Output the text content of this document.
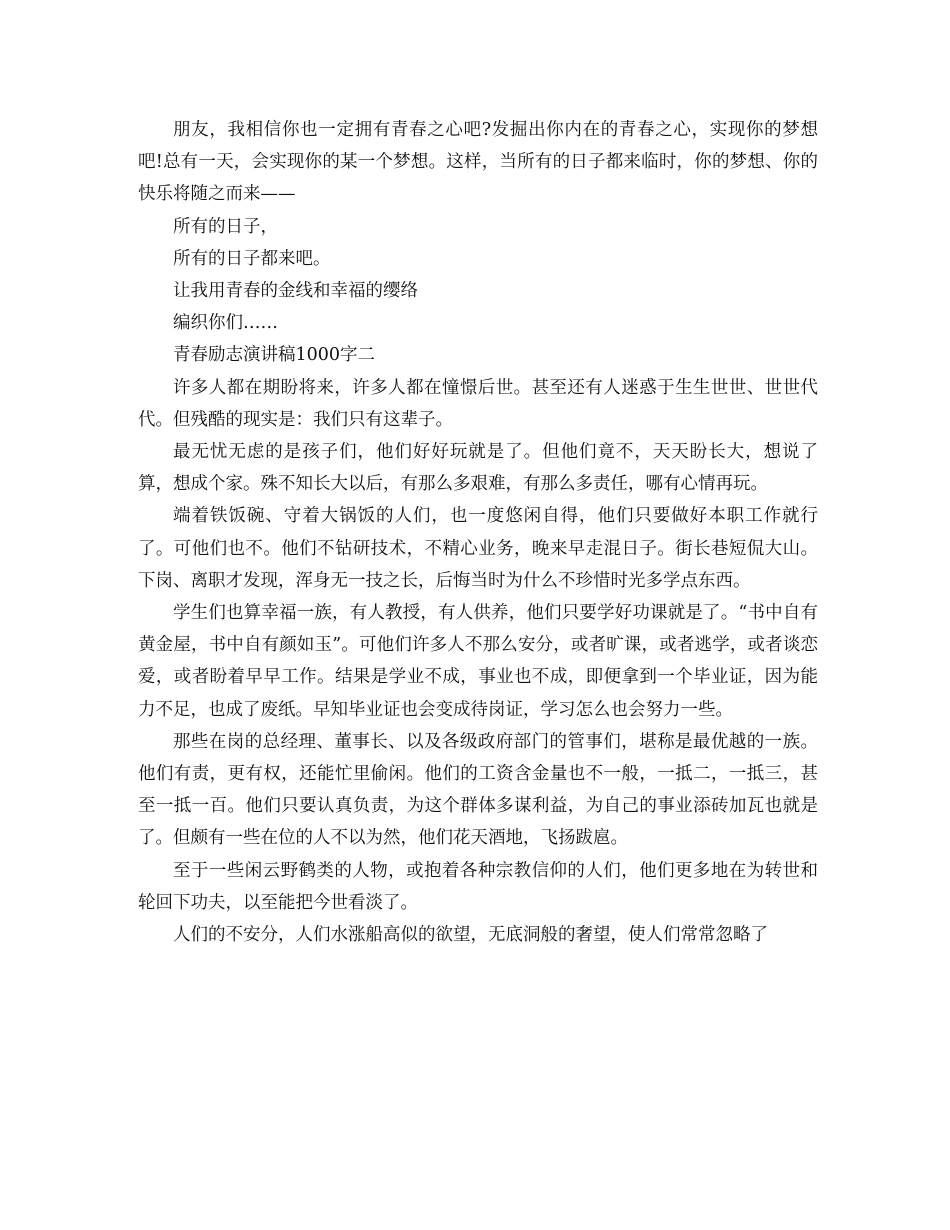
朋友，我相信你也一定拥有青春之心吧?发掘出你内在的青春之心，实现你的梦想吧!总有一天，会实现你的某一个梦想。这样，当所有的日子都来临时，你的梦想、你的快乐将随之而来——

所有的日子，

所有的日子都来吧。

让我用青春的金线和幸福的缨络

编织你们……

青春励志演讲稿1000字二

许多人都在期盼将来，许多人都在憧憬后世。甚至还有人迷惑于生生世世、世世代代。但残酷的现实是：我们只有这辈子。

最无忧无虑的是孩子们，他们好好玩就是了。但他们竟不，天天盼长大，想说了算，想成个家。殊不知长大以后，有那么多艰难，有那么多责任，哪有心情再玩。

端着铁饭碗、守着大锅饭的人们，也一度悠闲自得，他们只要做好本职工作就行了。可他们也不。他们不钻研技术，不精心业务，晚来早走混日子。街长巷短侃大山。下岗、离职才发现，浑身无一技之长，后悔当时为什么不珍惜时光多学点东西。

学生们也算幸福一族，有人教授，有人供养，他们只要学好功课就是了。“书中自有黄金屋，书中自有颜如玉”。可他们许多人不那么安分，或者旷课，或者逃学，或者谈恋爱，或者盼着早早工作。结果是学业不成，事业也不成，即便拿到一个毕业证，因为能力不足，也成了废纸。早知毕业证也会变成待岗证，学习怎么也会努力一些。

那些在岗的总经理、董事长、以及各级政府部门的管事们，堪称是最优越的一族。他们有责，更有权，还能忙里偷闲。他们的工资含金量也不一般，一抵二，一抵三，甚至一抵一百。他们只要认真负责，为这个群体多谋利益，为自己的事业添砖加瓦也就是了。但颇有一些在位的人不以为然，他们花天酒地，飞扬跋扈。

至于一些闲云野鹤类的人物，或抱着各种宗教信仰的人们，他们更多地在为转世和轮回下功夫，以至能把今世看淡了。

人们的不安分，人们水涨船高似的欲望，无底洞般的奢望，使人们常常忽略了
